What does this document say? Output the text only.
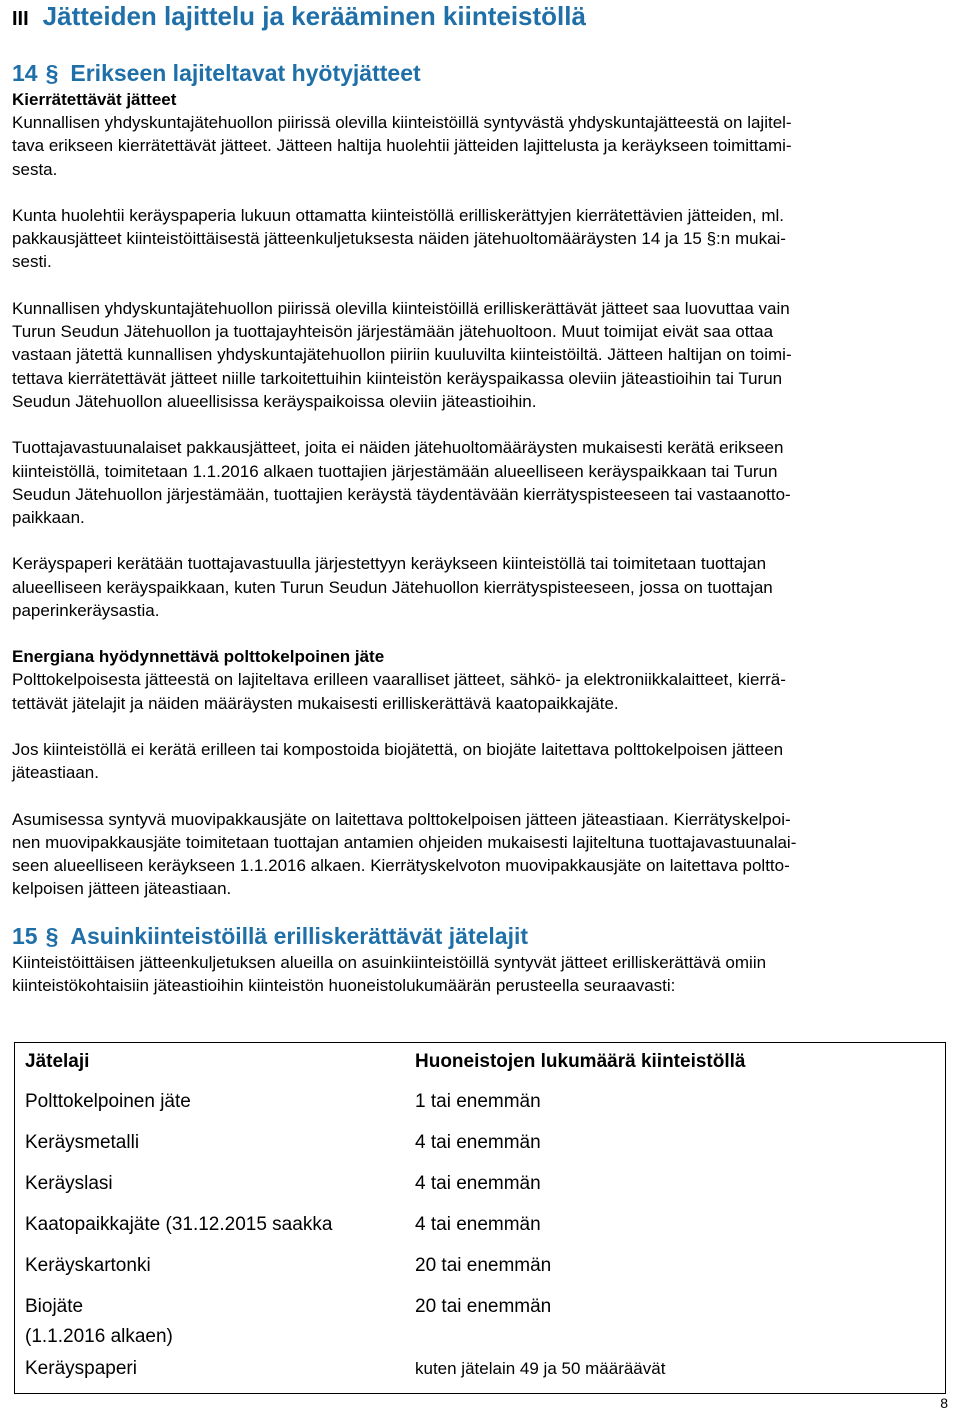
III Jätteiden lajittelu ja kerääminen kiinteistöllä
14 § Erikseen lajiteltavat hyötyjätteet

Kierrätettävät jätteet

Kunnallisen yhdyskuntajätehuollon piirissä olevilla kiinteistöillä syntyvästä yhdyskuntajätteestä on lajitel-

tava erikseen kierrätettävät jätteet. Jätteen haltija huolehtii jätteiden lajittelusta ja keräykseen toimittami-

sesta.

Kunta huolehtii keräyspaperia lukuun ottamatta kiinteistöllä erilliskerättyjen kierrätettävien jätteiden, ml.

pakkausjätteet kiinteistöittäisestä jätteenkuljetuksesta näiden jätehuoltomääräysten 14 ja 15 §:n mukai-

sesti.

Kunnallisen yhdyskuntajätehuollon piirissä olevilla kiinteistöillä erilliskerättävät jätteet saa luovuttaa vain

Turun Seudun Jätehuollon ja tuottajayhteisön järjestämään jätehuoltoon. Muut toimijat eivät saa ottaa

vastaan jätettä kunnallisen yhdyskuntajätehuollon piiriin kuuluvilta kiinteistöiltä. Jätteen haltijan on toimi-

tettava kierrätettävät jätteet niille tarkoitettuihin kiinteistön keräyspaikassa oleviin jäteastioihin tai Turun

Seudun Jätehuollon alueellisissa keräyspaikoissa oleviin jäteastioihin.

Tuottajavastuunalaiset pakkausjätteet, joita ei näiden jätehuoltomääräysten mukaisesti kerätä erikseen

kiinteistöllä, toimitetaan 1.1.2016 alkaen tuottajien järjestämään alueelliseen keräyspaikkaan tai Turun

Seudun Jätehuollon järjestämään, tuottajien keräystä täydentävään kierrätyspisteeseen tai vastaanotto-

paikkaan.

Keräyspaperi kerätään tuottajavastuulla järjestettyyn keräykseen kiinteistöllä tai toimitetaan tuottajan

alueelliseen keräyspaikkaan, kuten Turun Seudun Jätehuollon kierrätyspisteeseen, jossa on tuottajan

paperinkeräysastia.

Energiana hyödynnettävä polttokelpoinen jäte

Polttokelpoisesta jätteestä on lajiteltava erilleen vaaralliset jätteet, sähkö- ja elektroniikkalaitteet, kierrä-

tettävät jätelajit ja näiden määräysten mukaisesti erilliskerättävä kaatopaikkajäte.

Jos kiinteistöllä ei kerätä erilleen tai kompostoida biojätettä, on biojäte laitettava polttokelpoisen jätteen

jäteastiaan.

Asumisessa syntyvä muovipakkausjäte on laitettava polttokelpoisen jätteen jäteastiaan. Kierrätyskelpoi-

nen muovipakkausjäte toimitetaan tuottajan antamien ohjeiden mukaisesti lajiteltuna tuottajavastuunalai-

seen alueelliseen keräykseen 1.1.2016 alkaen. Kierrätyskelvoton muovipakkausjäte on laitettava poltto-

kelpoisen jätteen jäteastiaan.

15 § Asuinkiinteistöillä erilliskerättävät jätelajit

Kiinteistöittäisen jätteenkuljetuksen alueilla on asuinkiinteistöillä syntyvät jätteet erilliskerättävä omiin

kiinteistökohtaisiin jäteastioihin kiinteistön huoneistolukumäärän perusteella seuraavasti:

Jätelaji	Huoneistojen lukumäärä kiinteistöllä
Polttokelpoinen jäte	1 tai enemmän
Keräysmetalli	4 tai enemmän
Keräyslasi	4 tai enemmän
Kaatopaikkajäte (31.12.2015 saakka	4 tai enemmän
Keräyskartonki	20 tai enemmän
Biojäte	20 tai enemmän
(1.1.2016 alkaen)	
Keräyspaperi	kuten jätelain 49 ja 50 määräävät
8
